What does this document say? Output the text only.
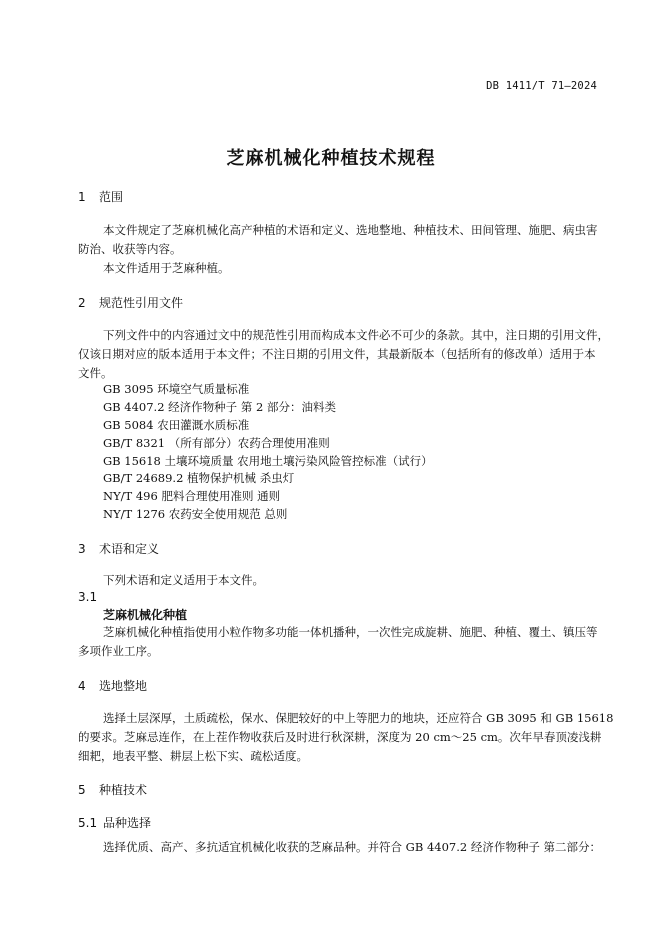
DB 1411/T 71—2024
芝麻机械化种植技术规程
1 范围
本文件规定了芝麻机械化高产种植的术语和定义、选地整地、种植技术、田间管理、施肥、病虫害
防治、收获等内容。
本文件适用于芝麻种植。
2 规范性引用文件
下列文件中的内容通过文中的规范性引用而构成本文件必不可少的条款。其中，注日期的引用文件，
仅该日期对应的版本适用于本文件；不注日期的引用文件，其最新版本（包括所有的修改单）适用于本
文件。
GB 3095 环境空气质量标准
GB 4407.2 经济作物种子 第 2 部分：油料类
GB 5084 农田灌溉水质标准
GB/T 8321 （所有部分）农药合理使用准则
GB 15618 土壤环境质量 农用地土壤污染风险管控标准（试行）
GB/T 24689.2 植物保护机械 杀虫灯
NY/T 496 肥料合理使用准则 通则
NY/T 1276 农药安全使用规范 总则
3 术语和定义
下列术语和定义适用于本文件。
3.1
芝麻机械化种植
芝麻机械化种植指使用小粒作物多功能一体机播种，一次性完成旋耕、施肥、种植、覆土、镇压等
多项作业工序。
4 选地整地
选择土层深厚，土质疏松，保水、保肥较好的中上等肥力的地块，还应符合 GB 3095 和 GB 15618
的要求。芝麻忌连作，在上茬作物收获后及时进行秋深耕，深度为 20 cm～25 cm。次年早春顶凌浅耕
细耙，地表平整、耕层上松下实、疏松适度。
5 种植技术
5.1 品种选择
选择优质、高产、多抗适宜机械化收获的芝麻品种。并符合 GB 4407.2 经济作物种子 第二部分：
